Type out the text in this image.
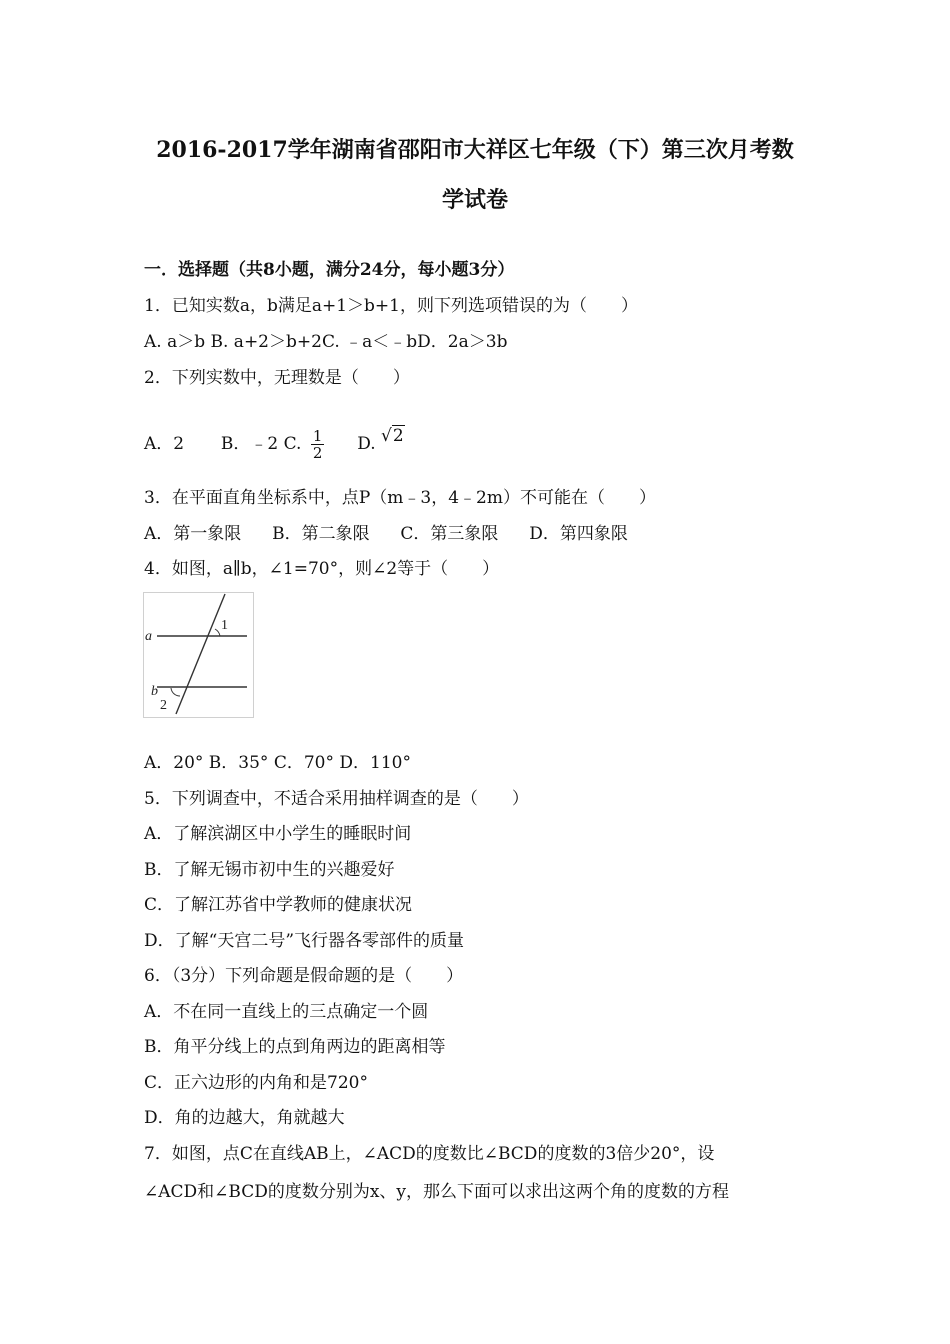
2016-2017学年湖南省邵阳市大祥区七年级（下）第三次月考数
学试卷
一．选择题（共8小题，满分24分，每小题3分）
1．已知实数a，b满足a+1＞b+1，则下列选项错误的为（　　）
A. a＞b B. a+2＞b+2C. ﹣a＜﹣bD．2a＞3b
2．下列实数中，无理数是（　　）
A．2 B．﹣2 C. $\frac{1}{2} D$. √2
3．在平面直角坐标系中，点P（m﹣3，4﹣2m）不可能在（　　）
A．第一象限 B．第二象限 C．第三象限 D．第四象限
4．如图，a∥b，∠1=70°，则∠2等于（　　）
a
b
1
2
A．20° B．35° C．70° D．110°
5．下列调查中，不适合采用抽样调查的是（　　）
A．了解滨湖区中小学生的睡眠时间
B．了解无锡市初中生的兴趣爱好
C．了解江苏省中学教师的健康状况
D．了解“天宫二号”飞行器各零部件的质量
6．（3分）下列命题是假命题的是（　　）
A．不在同一直线上的三点确定一个圆
B．角平分线上的点到角两边的距离相等
C．正六边形的内角和是720°
D．角的边越大，角就越大
7．如图，点C在直线AB上，∠ACD的度数比∠BCD的度数的3倍少20°，设
∠ACD和∠BCD的度数分别为x、y，那么下面可以求出这两个角的度数的方程
